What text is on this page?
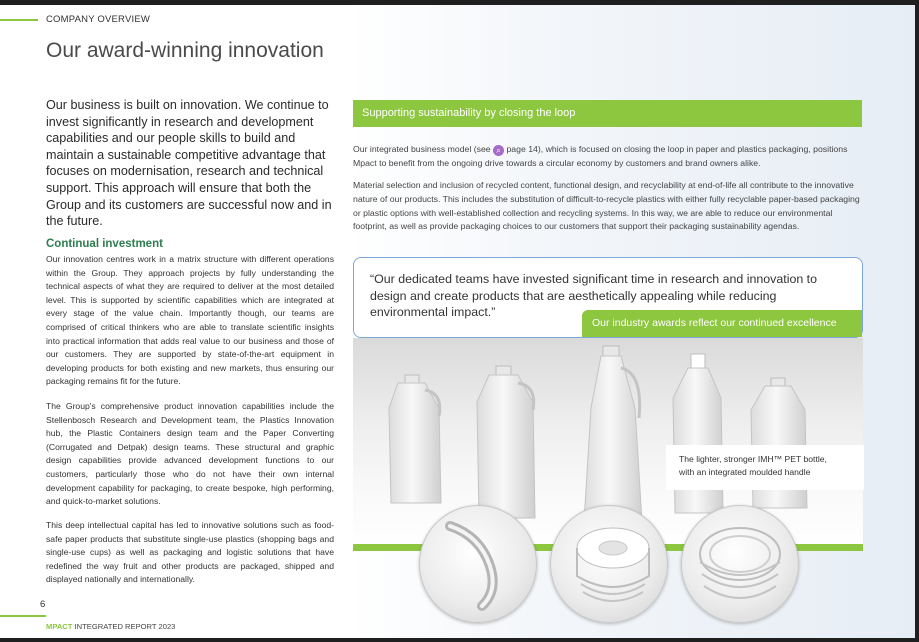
COMPANY OVERVIEW
Our award-winning innovation

Our business is built on innovation. We continue to invest significantly in research and development capabilities and our people skills to build and maintain a sustainable competitive advantage that focuses on modernisation, research and technical support. This approach will ensure that both the Group and its customers are successful now and in the future.

Continual investment

Our innovation centres work in a matrix structure with different operations within the Group. They approach projects by fully understanding the technical aspects of what they are required to deliver at the most detailed level. This is supported by scientific capabilities which are integrated at every stage of the value chain. Importantly though, our teams are comprised of critical thinkers who are able to translate scientific insights into practical information that adds real value to our business and those of our customers. They are supported by state-of-the-art equipment in developing products for both existing and new markets, thus ensuring our packaging remains fit for the future.

The Group's comprehensive product innovation capabilities include the Stellenbosch Research and Development team, the Plastics Innovation hub, the Plastic Containers design team and the Paper Converting (Corrugated and Detpak) design teams. These structural and graphic design capabilities provide advanced development functions to our customers, particularly those who do not have their own internal development capability for packaging, to create bespoke, high performing, and quick-to-market solutions.

This deep intellectual capital has led to innovative solutions such as food-safe paper products that substitute single-use plastics (shopping bags and single-use cups) as well as packaging and logistic solutions that have redefined the way fruit and other products are packaged, shipped and displayed nationally and internationally.

6
MPACT INTEGRATED REPORT 2023
Supporting sustainability by closing the loop

Our integrated business model (see ⌕ page 14), which is focused on closing the loop in paper and plastics packaging, positions Mpact to benefit from the ongoing drive towards a circular economy by customers and brand owners alike.

Material selection and inclusion of recycled content, functional design, and recyclability at end-of-life all contribute to the innovative nature of our products. This includes the substitution of difficult-to-recycle plastics with either fully recyclable paper-based packaging or plastic options with well-established collection and recycling systems. In this way, we are able to reduce our environmental footprint, as well as provide packaging choices to our customers that support their packaging sustainability agendas.

“Our dedicated teams have invested significant time in research and innovation to design and create products that are aesthetically appealing while reducing environmental impact.”

Our industry awards reflect our continued excellence

The lighter, stronger IMH™ PET bottle,
with an integrated moulded handle
